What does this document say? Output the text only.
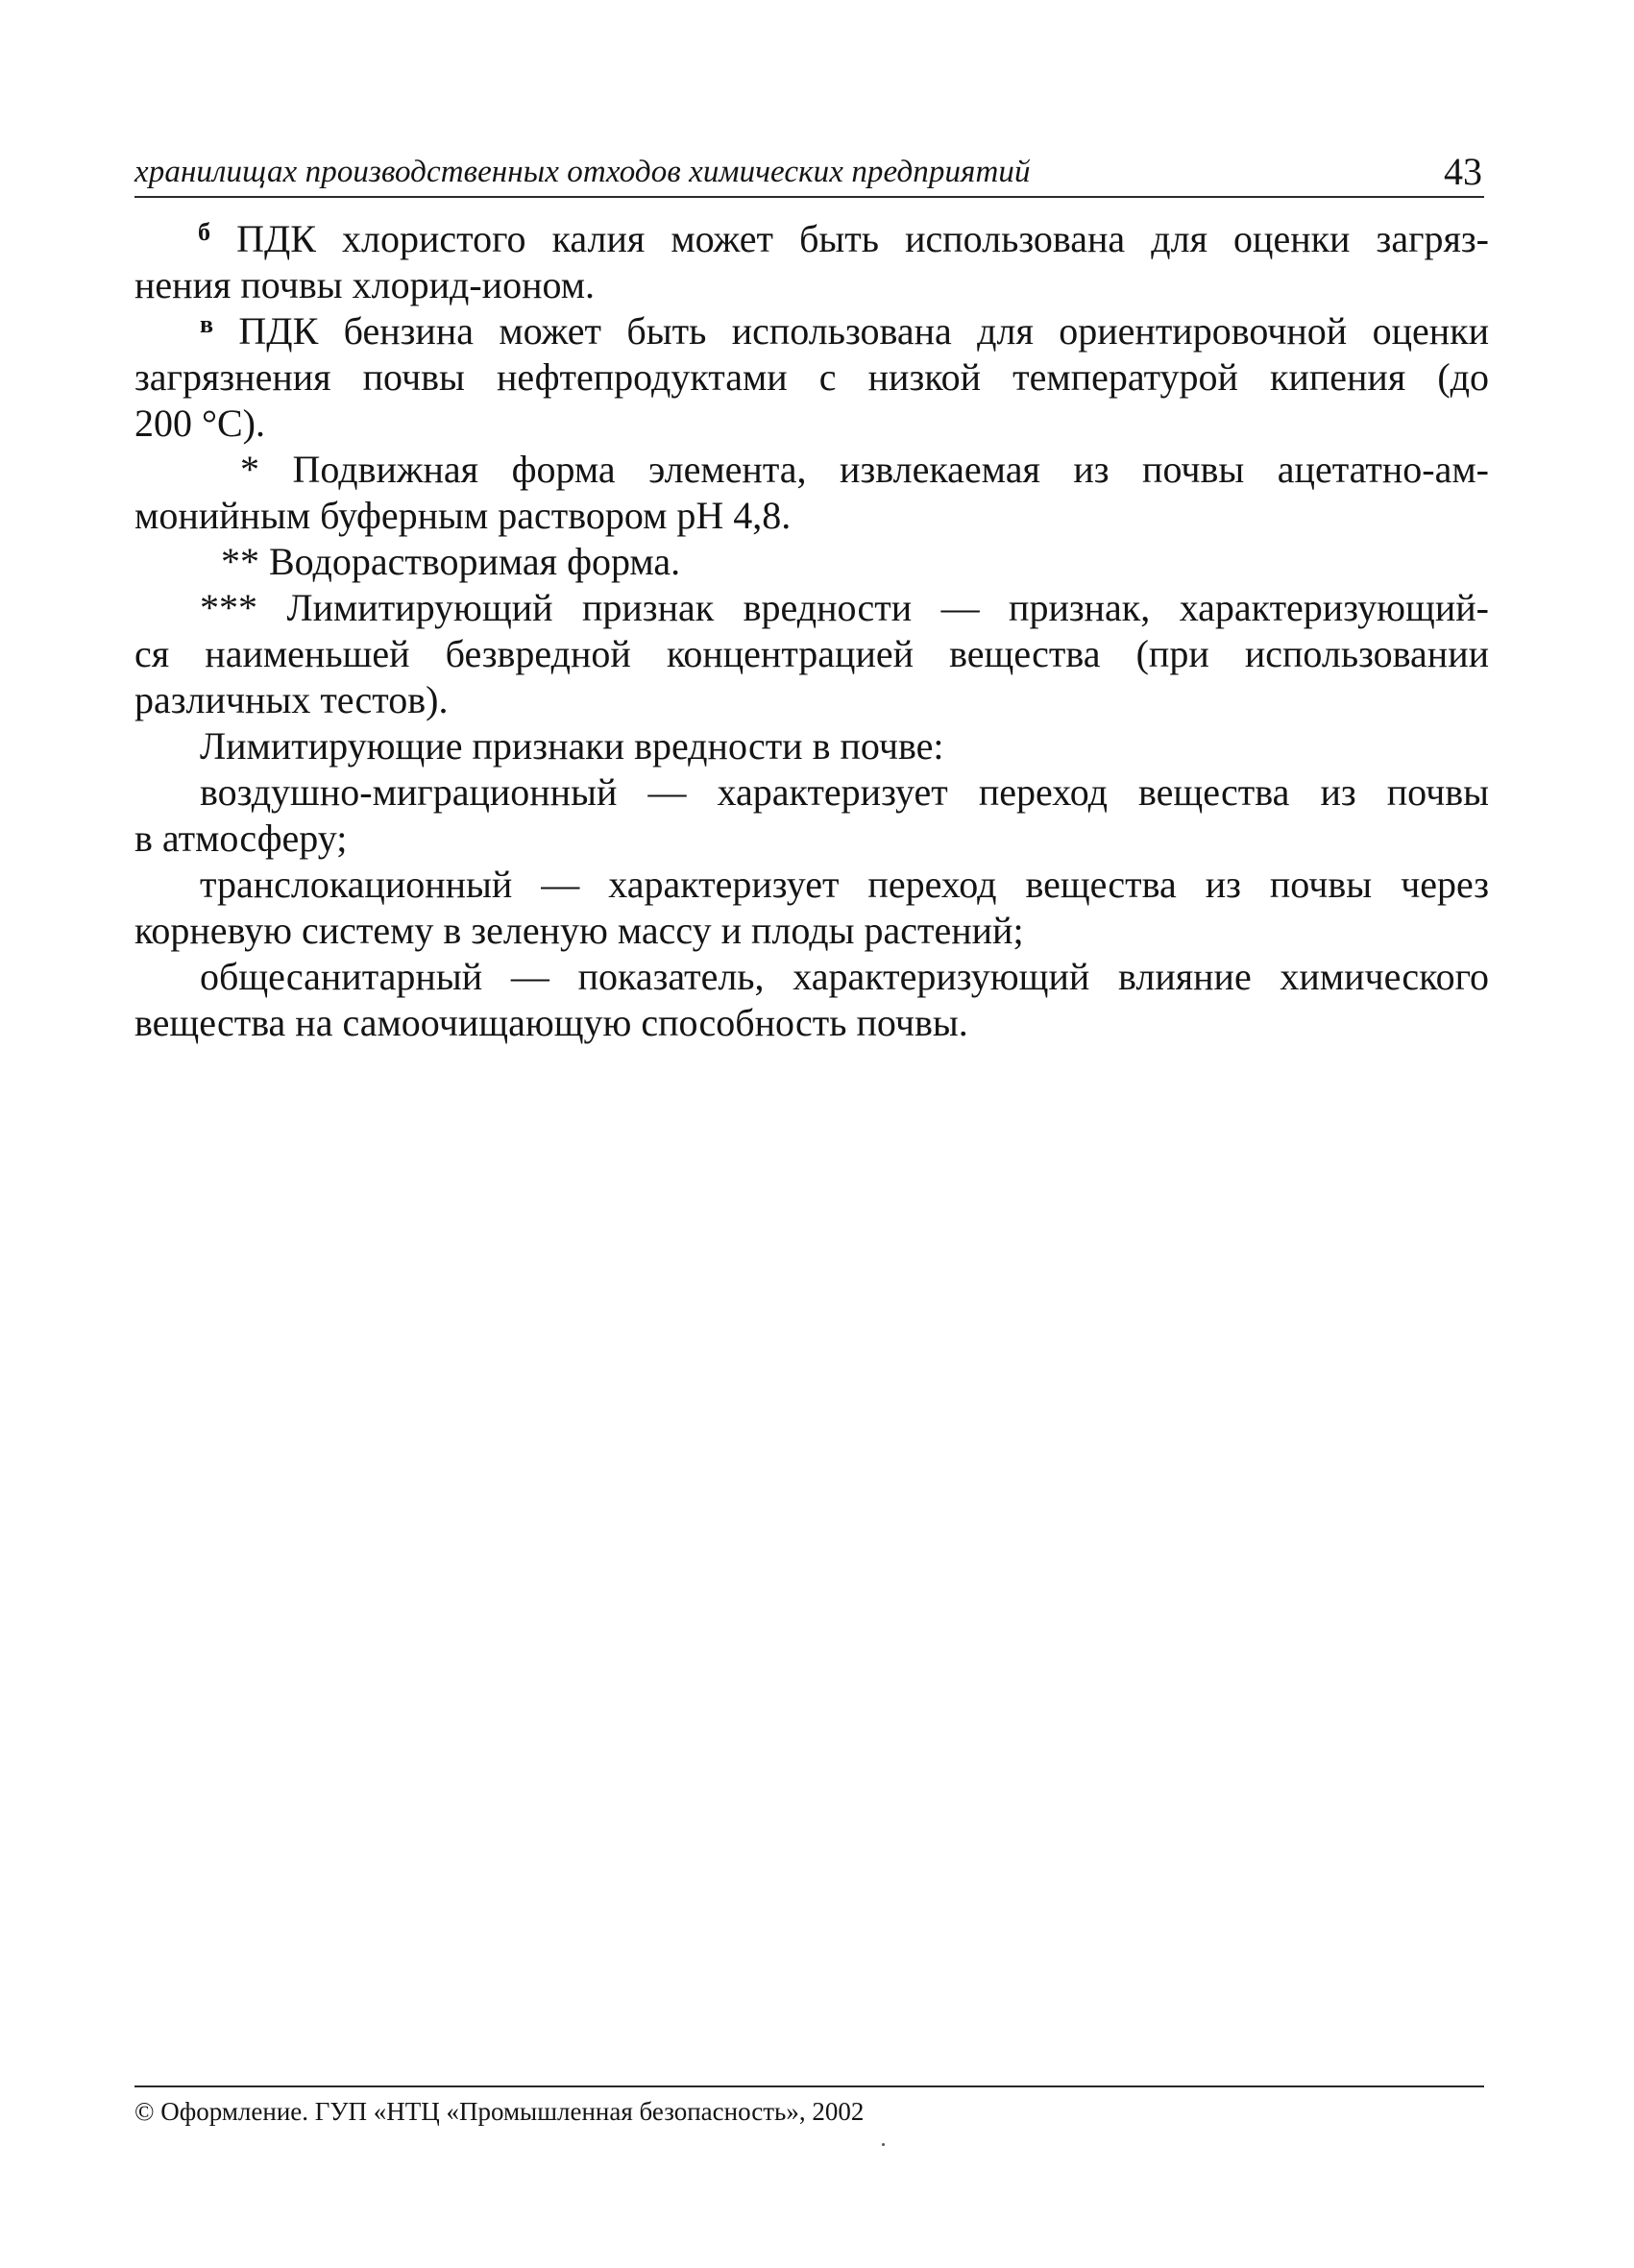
хранилищах производственных отходов химических предприятий	43

$^б$ ПДК хлористого калия может быть использована для оценки загряз-

нения почвы хлорид-ионом.

$^в$ ПДК бензина может быть использована для ориентировочной оценки

загрязнения почвы нефтепродуктами с низкой температурой кипения (до

200 °С).

* Подвижная форма элемента, извлекаемая из почвы ацетатно-ам-

монийным буферным раствором рН 4,8.

** Водорастворимая форма.

*** Лимитирующий признак вредности — признак, характеризующий-

ся наименьшей безвредной концентрацией вещества (при использовании

различных тестов).

Лимитирующие признаки вредности в почве:

воздушно-миграционный — характеризует переход вещества из почвы

в атмосферу;

транслокационный — характеризует переход вещества из почвы через

корневую систему в зеленую массу и плоды растений;

общесанитарный — показатель, характеризующий влияние химического

вещества на самоочищающую способность почвы.

© Оформление. ГУП «НТЦ «Промышленная безопасность», 2002
